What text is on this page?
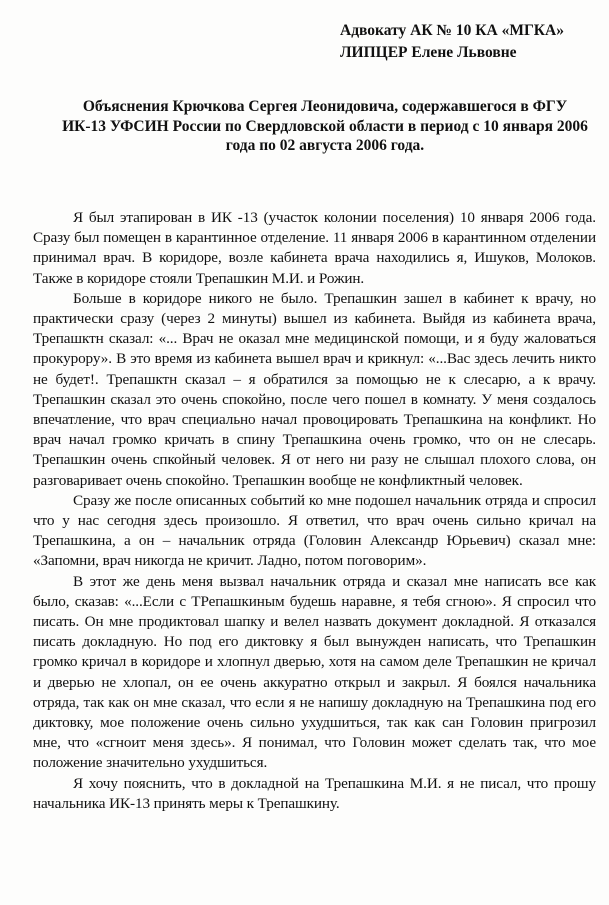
Адвокату АК № 10 КА «МГКА»
ЛИПЦЕР Елене Львовне
Объяснения Крючкова Сергея Леонидовича, содержавшегося в ФГУ ИК-13 УФСИН России по Свердловской области в период с 10 января 2006 года по 02 августа 2006 года.

Я был этапирован в ИК -13 (участок колонии поселения) 10 января 2006 года. Сразу был помещен в карантинное отделение. 11 января 2006 в карантинном отделении принимал врач. В коридоре, возле кабинета врача находились я, Ишуков, Молоков. Также в коридоре стояли Трепашкин М.И. и Рожин.

Больше в коридоре никого не было. Трепашкин зашел в кабинет к врачу, но практически сразу (через 2 минуты) вышел из кабинета. Выйдя из кабинета врача, Трепашктн сказал: «... Врач не оказал мне медицинской помощи, и я буду жаловаться прокурору». В это время из кабинета вышел врач и крикнул: «...Вас здесь лечить никто не будет!. Трепашктн сказал – я обратился за помощью не к слесарю, а к врачу. Трепашкин сказал это очень спокойно, после чего пошел в комнату. У меня создалось впечатление, что врач специально начал провоцировать Трепашкина на конфликт. Но врач начал громко кричать в спину Трепашкина очень громко, что он не слесарь. Трепашкин очень спкойный человек. Я от него ни разу не слышал плохого слова, он разговаривает очень спокойно. Трепашкин вообще не конфликтный человек.

Сразу же после описанных событий ко мне подошел начальник отряда и спросил что у нас сегодня здесь произошло. Я ответил, что врач очень сильно кричал на Трепашкина, а он – начальник отряда (Головин Александр Юрьевич) сказал мне: «Запомни, врач никогда не кричит. Ладно, потом поговорим».

В этот же день меня вызвал начальник отряда и сказал мне написать все как было, сказав: «...Если с ТРепашкиным будешь наравне, я тебя сгною». Я спросил что писать. Он мне продиктовал шапку и велел назвать документ докладной. Я отказался писать докладную. Но под его диктовку я был вынужден написать, что Трепашкин громко кричал в коридоре и хлопнул дверью, хотя на самом деле Трепашкин не кричал и дверью не хлопал, он ее очень аккуратно открыл и закрыл. Я боялся начальника отряда, так как он мне сказал, что если я не напишу докладную на Трепашкина под его диктовку, мое положение очень сильно ухудшиться, так как сан Головин пригрозил мне, что «сгноит меня здесь». Я понимал, что Головин может сделать так, что мое положение значительно ухудшиться.

Я хочу пояснить, что в докладной на Трепашкина М.И. я не писал, что прошу начальника ИК-13 принять меры к Трепашкину.
